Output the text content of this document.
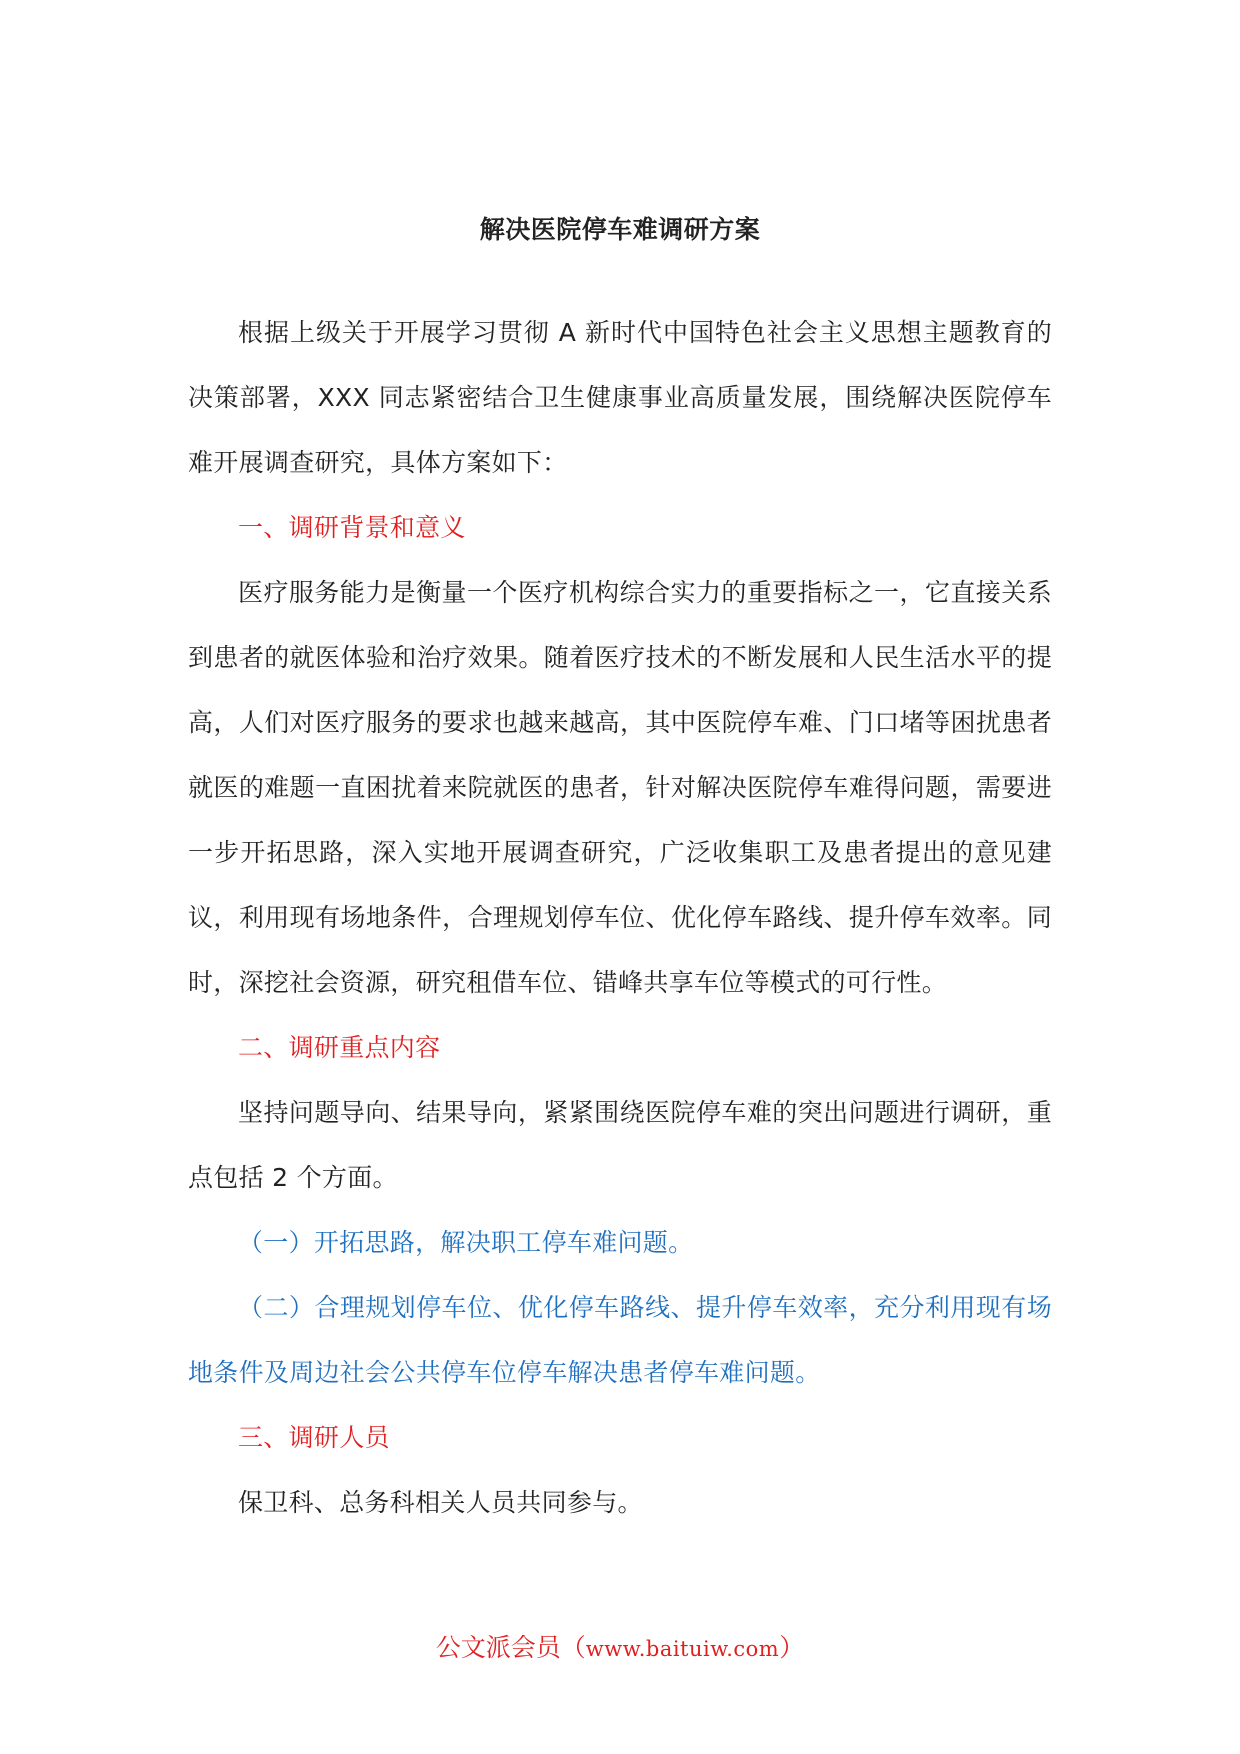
解决医院停车难调研方案

根据上级关于开展学习贯彻 A 新时代中国特色社会主义思想主题教育的决策部署，XXX 同志紧密结合卫生健康事业高质量发展，围绕解决医院停车难开展调查研究，具体方案如下：

一、调研背景和意义

医疗服务能力是衡量一个医疗机构综合实力的重要指标之一，它直接关系到患者的就医体验和治疗效果。随着医疗技术的不断发展和人民生活水平的提高，人们对医疗服务的要求也越来越高，其中医院停车难、门口堵等困扰患者就医的难题一直困扰着来院就医的患者，针对解决医院停车难得问题，需要进一步开拓思路，深入实地开展调查研究，广泛收集职工及患者提出的意见建议，利用现有场地条件，合理规划停车位、优化停车路线、提升停车效率。同时，深挖社会资源，研究租借车位、错峰共享车位等模式的可行性。

二、调研重点内容

坚持问题导向、结果导向，紧紧围绕医院停车难的突出问题进行调研，重点包括 2 个方面。

（一）开拓思路，解决职工停车难问题。

（二）合理规划停车位、优化停车路线、提升停车效率，充分利用现有场地条件及周边社会公共停车位停车解决患者停车难问题。

三、调研人员

保卫科、总务科相关人员共同参与。

公文派会员（www.baituiw.com）
